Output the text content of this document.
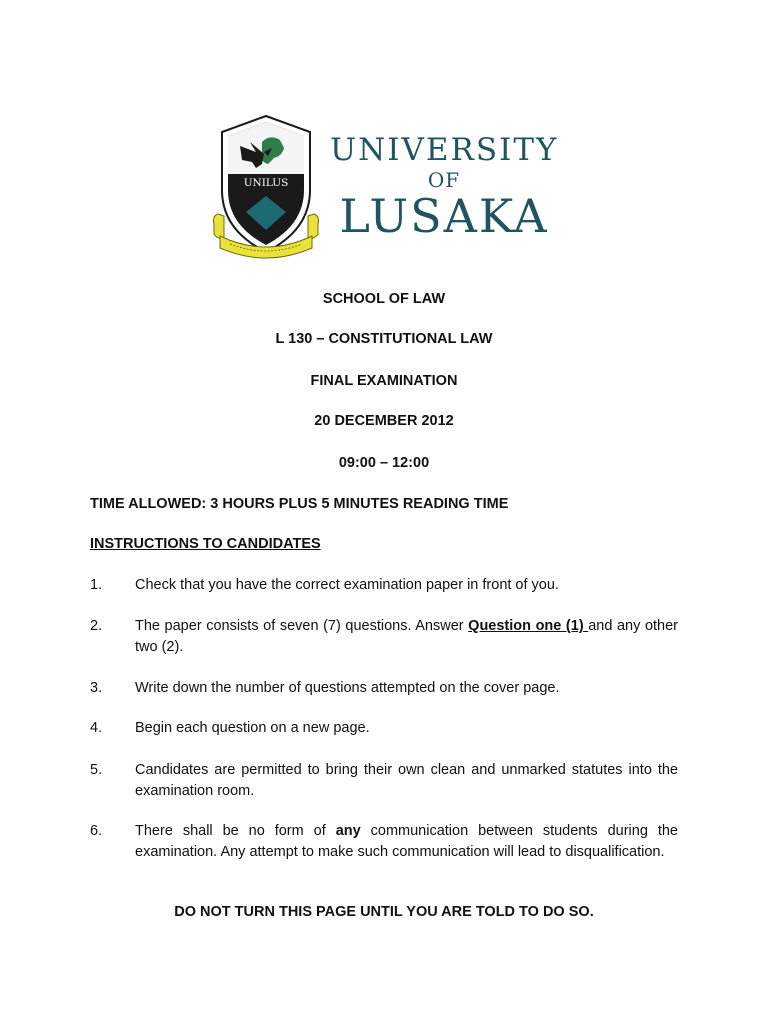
UNILUS
UNIVERSITY
OF
LUSAKA
SCHOOL OF LAW
L 130 – CONSTITUTIONAL LAW
FINAL EXAMINATION
20 DECEMBER 2012
09:00 – 12:00
TIME ALLOWED: 3 HOURS PLUS 5 MINUTES READING TIME
INSTRUCTIONS TO CANDIDATES
1.	Check that you have the correct examination paper in front of you.
2.	The paper consists of seven (7) questions. Answer Question one (1) and any other two (2).
3.	Write down the number of questions attempted on the cover page.
4.	Begin each question on a new page.
5.	Candidates are permitted to bring their own clean and unmarked statutes into the examination room.
6.	There shall be no form of any communication between students during the examination. Any attempt to make such communication will lead to disqualification.
DO NOT TURN THIS PAGE UNTIL YOU ARE TOLD TO DO SO.
